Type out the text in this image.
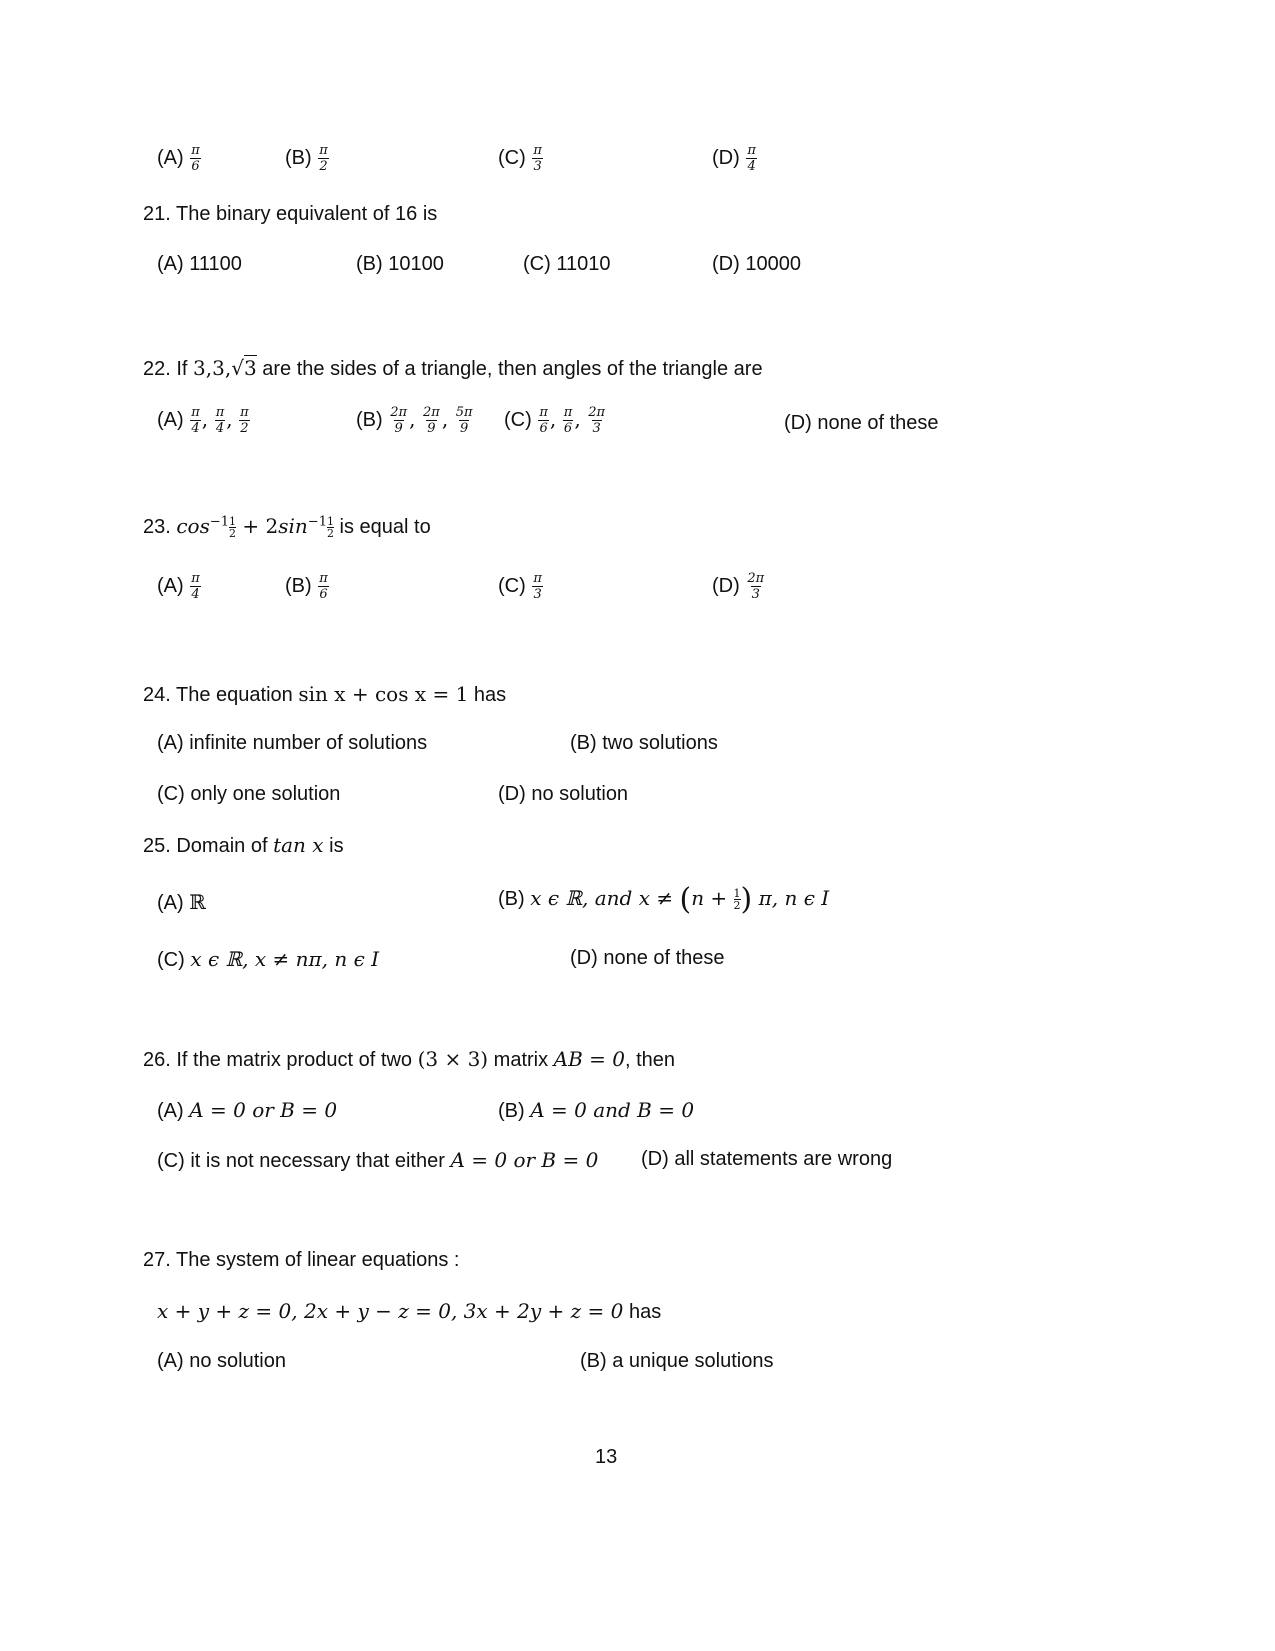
$(A) \frac{\pi}{6}$	$(B) \frac{\pi}{2}$	$(C) \frac{\pi}{3}$	$(D) \frac{\pi}{4}$
21. The binary equivalent of 16 is
(A) 11100	(B) 10100	(C) 11010	(D) 10000
22. If 3,3,√3 are the sides of a triangle, then angles of the triangle are
$(A) \frac{\pi}{4}$ , $\frac{\pi}{4}$ , $\frac{\pi}{2}$	$(B) \frac{2\pi}{9}$ , $\frac{2\pi}{9}$ , $\frac{5\pi}{9} (C) \frac{\pi}{6}$ , $\frac{\pi}{6}$ , $\frac{2\pi}{3}$	(D) none of these
23. $\cos^{-1} \frac{1}{2} + 2\sin^{-1} \frac{1}{2}$ is equal to
$(A) \frac{\pi}{4}$	$(B) \frac{\pi}{6}$	$(C) \frac{\pi}{3}$	$(D) \frac{2\pi}{3}$
24. The equation sin x + cos x = 1 has
(A) infinite number of solutions	(B) two solutions
(C) only one solution	(D) no solution
25. Domain of tan x is
(A) ℝ	(B) x ϵ ℝ, and $x \ne (n + \frac{1}{2}$ ) π, n ϵ I
(C) x ϵ ℝ, x ≠ nπ, n ϵ I	(D) none of these
26. If the matrix product of two (3 × 3) matrix AB = 0, then
(A) A = 0 or B = 0	(B) A = 0 and B = 0
(C) it is not necessary that either A = 0 or B = 0 (D) all statements are wrong
27. The system of linear equations :
x + y + z = 0, 2x + y − z = 0, 3x + 2y + z = 0 has
(A) no solution	(B) a unique solutions
13
